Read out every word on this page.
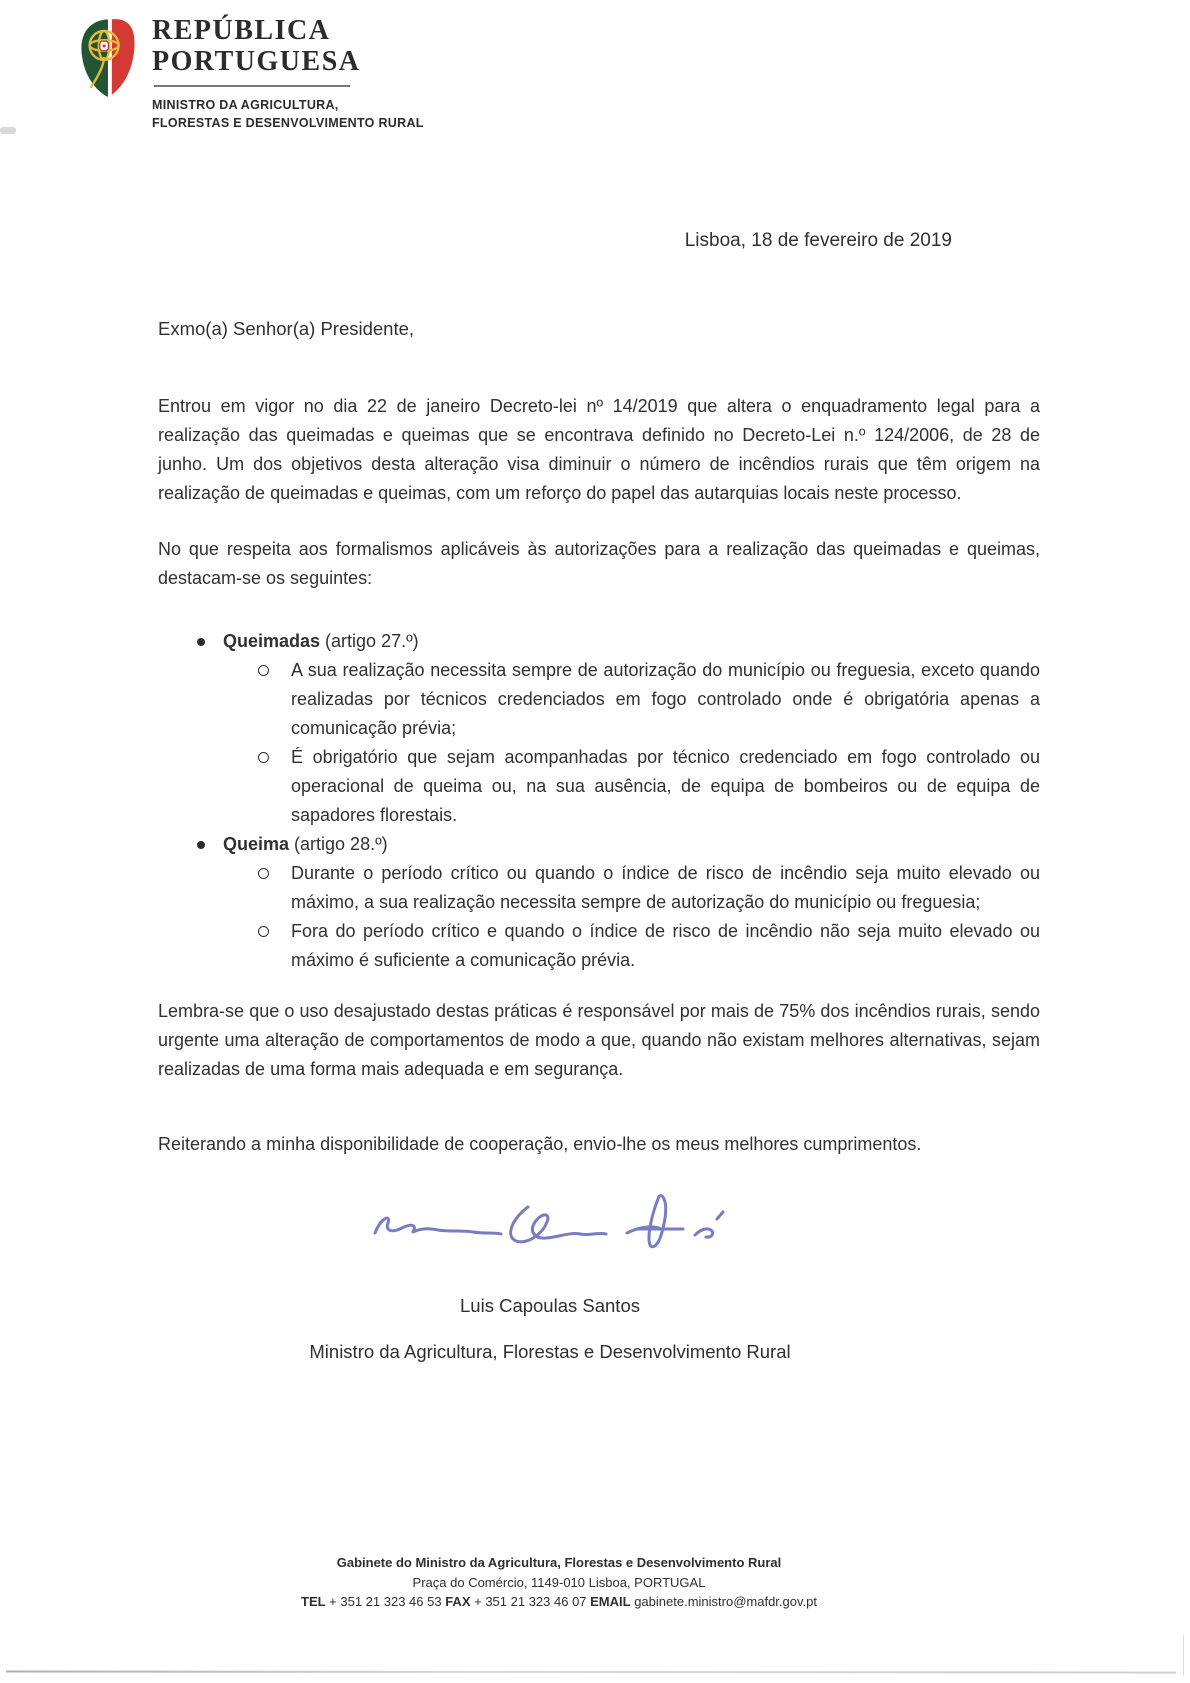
REPÚBLICA
PORTUGUESA
MINISTRO DA AGRICULTURA,
FLORESTAS E DESENVOLVIMENTO RURAL
Lisboa, 18 de fevereiro de 2019
Exmo(a) Senhor(a) Presidente,

Entrou em vigor no dia 22 de janeiro Decreto-lei nº 14/2019 que altera o enquadramento legal para a realização das queimadas e queimas que se encontrava definido no Decreto-Lei n.º 124/2006, de 28 de junho. Um dos objetivos desta alteração visa diminuir o número de incêndios rurais que têm origem na realização de queimadas e queimas, com um reforço do papel das autarquias locais neste processo.

No que respeita aos formalismos aplicáveis às autorizações para a realização das queimadas e queimas, destacam-se os seguintes:

Queimadas (artigo 27.º)
A sua realização necessita sempre de autorização do município ou freguesia, exceto quando realizadas por técnicos credenciados em fogo controlado onde é obrigatória apenas a comunicação prévia;
É obrigatório que sejam acompanhadas por técnico credenciado em fogo controlado ou operacional de queima ou, na sua ausência, de equipa de bombeiros ou de equipa de sapadores florestais.
Queima (artigo 28.º)
Durante o período crítico ou quando o índice de risco de incêndio seja muito elevado ou máximo, a sua realização necessita sempre de autorização do município ou freguesia;
Fora do período crítico e quando o índice de risco de incêndio não seja muito elevado ou máximo é suficiente a comunicação prévia.

Lembra-se que o uso desajustado destas práticas é responsável por mais de 75% dos incêndios rurais, sendo urgente uma alteração de comportamentos de modo a que, quando não existam melhores alternativas, sejam realizadas de uma forma mais adequada e em segurança.

Reiterando a minha disponibilidade de cooperação, envio-lhe os meus melhores cumprimentos.

Luis Capoulas Santos
Ministro da Agricultura, Florestas e Desenvolvimento Rural
Gabinete do Ministro da Agricultura, Florestas e Desenvolvimento Rural
Praça do Comércio, 1149-010 Lisboa, PORTUGAL
TEL + 351 21 323 46 53 FAX + 351 21 323 46 07 EMAIL gabinete.ministro@mafdr.gov.pt
